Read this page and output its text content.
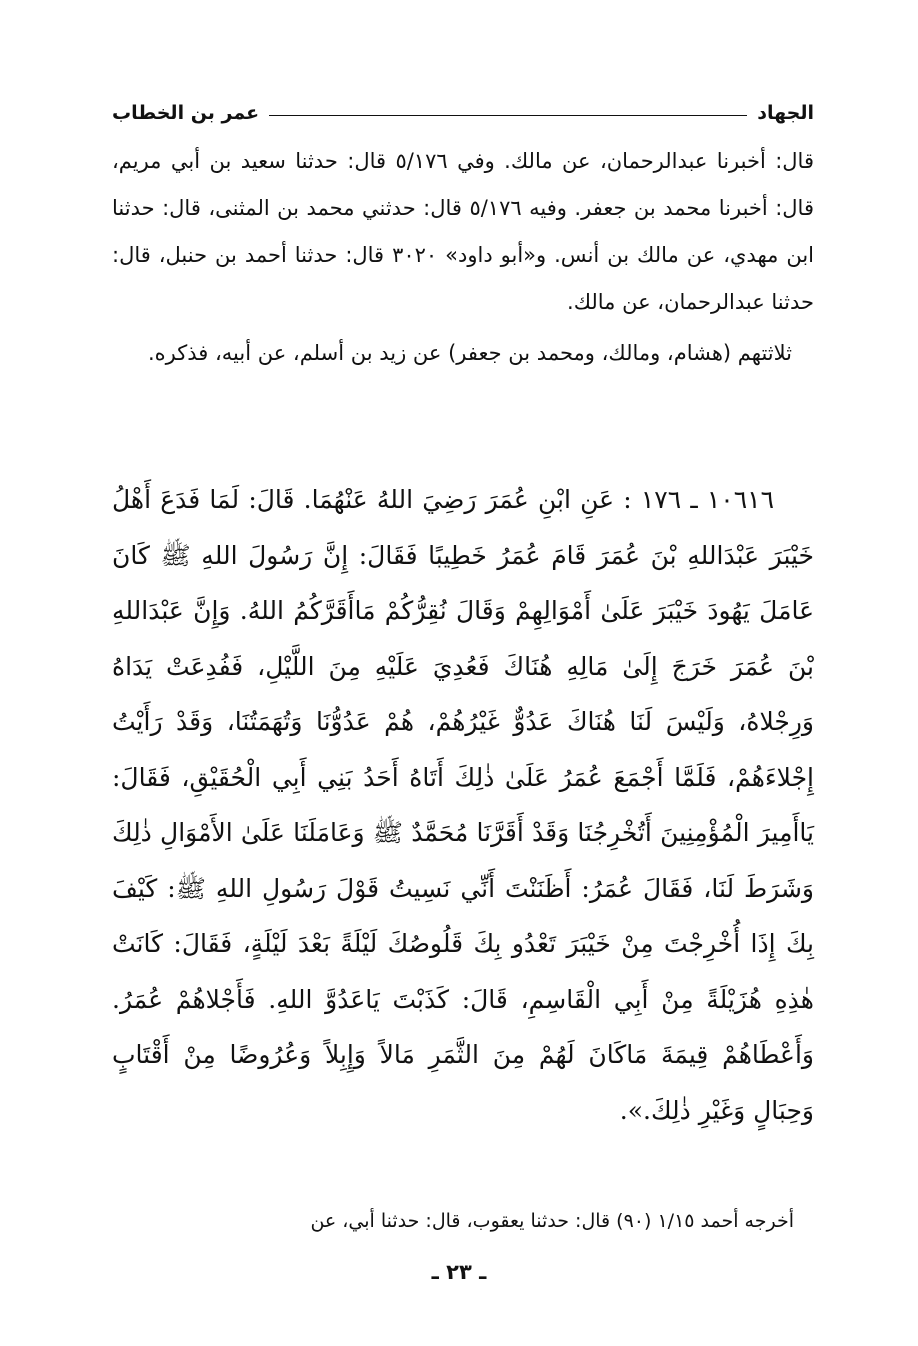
الجهاد
عمر بن الخطاب

قال: أخبرنا عبدالرحمان، عن مالك. وفي ٥/١٧٦ قال: حدثنا سعيد بن أبي مريم، قال: أخبرنا محمد بن جعفر. وفيه ٥/١٧٦ قال: حدثني محمد بن المثنى، قال: حدثنا ابن مهدي، عن مالك بن أنس. و«أبو داود» ٣٠٢٠ قال: حدثنا أحمد بن حنبل، قال: حدثنا عبدالرحمان، عن مالك.

ثلاثتهم (هشام، ومالك، ومحمد بن جعفر) عن زيد بن أسلم، عن أبيه، فذكره.

١٠٦١٦ ـ ١٧٦ : عَنِ ابْنِ عُمَرَ رَضِيَ اللهُ عَنْهُمَا. قَالَ: لَمَا فَدَعَ أَهْلُ خَيْبَرَ عَبْدَاللهِ بْنَ عُمَرَ قَامَ عُمَرُ خَطِيبًا فَقَالَ: إِنَّ رَسُولَ اللهِ ﷺ كَانَ عَامَلَ يَهُودَ خَيْبَرَ عَلَىٰ أَمْوَالِهِمْ وَقَالَ نُقِرُّكُمْ مَاأَقَرَّكُمُ اللهُ. وَإِنَّ عَبْدَاللهِ بْنَ عُمَرَ خَرَجَ إِلَىٰ مَالِهِ هُنَاكَ فَعُدِيَ عَلَيْهِ مِنَ اللَّيْلِ، فَفُدِعَتْ يَدَاهُ وَرِجْلاهُ، وَلَيْسَ لَنَا هُنَاكَ عَدُوٌّ غَيْرُهُمْ، هُمْ عَدُوُّنَا وَتُهَمَتُنَا، وَقَدْ رَأَيْتُ إِجْلاءَهُمْ، فَلَمَّا أَجْمَعَ عُمَرُ عَلَىٰ ذٰلِكَ أَتَاهُ أَحَدُ بَنِي أَبِي الْحُقَيْقِ، فَقَالَ: يَاأَمِيرَ الْمُؤْمِنِينَ أَتُخْرِجُنَا وَقَدْ أَقَرَّنَا مُحَمَّدٌ ﷺ وَعَامَلَنَا عَلَىٰ الأَمْوَالِ ذٰلِكَ وَشَرَطَ لَنَا، فَقَالَ عُمَرُ: أَظَنَنْتَ أَنِّي نَسِيتُ قَوْلَ رَسُولِ اللهِ ﷺ: كَيْفَ بِكَ إِذَا أُخْرِجْتَ مِنْ خَيْبَرَ تَعْدُو بِكَ قَلُوصُكَ لَيْلَةً بَعْدَ لَيْلَةٍ، فَقَالَ: كَانَتْ هٰذِهِ هُزَيْلَةً مِنْ أَبِي الْقَاسِمِ، قَالَ: كَذَبْتَ يَاعَدُوَّ اللهِ. فَأَجْلاهُمْ عُمَرُ. وَأَعْطَاهُمْ قِيمَةَ مَاكَانَ لَهُمْ مِنَ الثَّمَرِ مَالاً وَإِبِلاً وَعُرُوضًا مِنْ أَقْتَابٍ وَحِبَالٍ وَغَيْرِ ذٰلِكَ.».

أخرجه أحمد ١/١٥ (٩٠) قال: حدثنا يعقوب، قال: حدثنا أبي، عن

ـ ٢٣ ـ
